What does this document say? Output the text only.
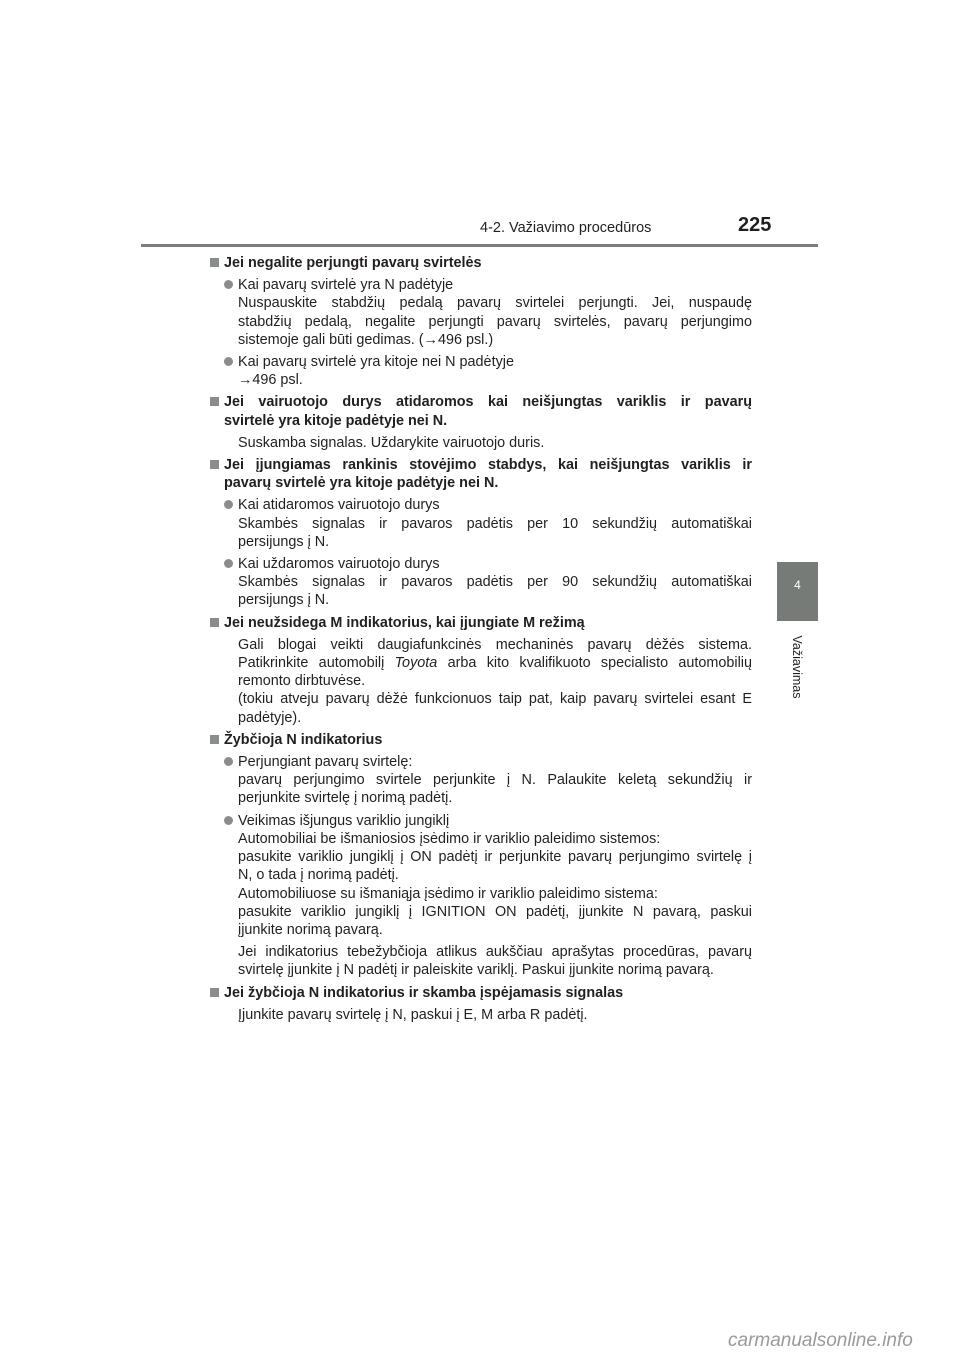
4-2. Važiavimo procedūros	225
4
Važiavimas
Jei negalite perjungti pavarų svirtelės
Kai pavarų svirtelė yra N padėtyje
Nuspauskite stabdžių pedalą pavarų svirtelei perjungti. Jei, nuspaudę
stabdžių pedalą, negalite perjungti pavarų svirtelės, pavarų perjungimo
sistemoje gali būti gedimas. (→496 psl.)
Kai pavarų svirtelė yra kitoje nei N padėtyje
→496 psl.
Jei vairuotojo durys atidaromos kai neišjungtas variklis ir pavarų
svirtelė yra kitoje padėtyje nei N.
Suskamba signalas. Uždarykite vairuotojo duris.
Jei įjungiamas rankinis stovėjimo stabdys, kai neišjungtas variklis ir
pavarų svirtelė yra kitoje padėtyje nei N.
Kai atidaromos vairuotojo durys
Skambės signalas ir pavaros padėtis per 10 sekundžių automatiškai
persijungs į N.
Kai uždaromos vairuotojo durys
Skambės signalas ir pavaros padėtis per 90 sekundžių automatiškai
persijungs į N.
Jei neužsidega M indikatorius, kai įjungiate M režimą
Gali blogai veikti daugiafunkcinės mechaninės pavarų dėžės sistema.
Patikrinkite automobilį Toyota arba kito kvalifikuoto specialisto automobilių
remonto dirbtuvėse.
(tokiu atveju pavarų dėžė funkcionuos taip pat, kaip pavarų svirtelei esant E
padėtyje).
Žybčioja N indikatorius
Perjungiant pavarų svirtelę:
pavarų perjungimo svirtele perjunkite į N. Palaukite keletą sekundžių ir
perjunkite svirtelę į norimą padėtį.
Veikimas išjungus variklio jungiklį
Automobiliai be išmaniosios įsėdimo ir variklio paleidimo sistemos:
pasukite variklio jungiklį į ON padėtį ir perjunkite pavarų perjungimo svirtelę į
N, o tada į norimą padėtį.
Automobiliuose su išmaniąja įsėdimo ir variklio paleidimo sistema:
pasukite variklio jungiklį į IGNITION ON padėtį, įjunkite N pavarą, paskui
įjunkite norimą pavarą.
Jei indikatorius tebežybčioja atlikus aukščiau aprašytas procedūras, pavarų
svirtelę įjunkite į N padėtį ir paleiskite variklį. Paskui įjunkite norimą pavarą.
Jei žybčioja N indikatorius ir skamba įspėjamasis signalas
Įjunkite pavarų svirtelę į N, paskui į E, M arba R padėtį.
carmanualsonline.info
